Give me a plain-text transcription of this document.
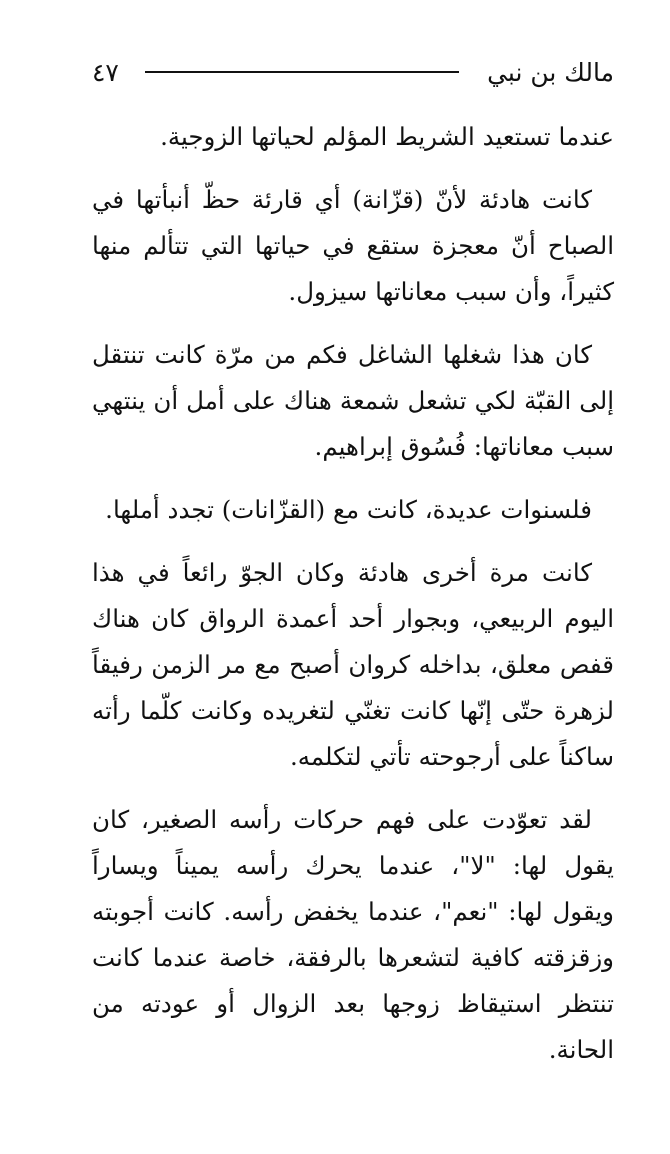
مالك بن نبي
٤٧

عندما تستعيد الشريط المؤلم لحياتها الزوجية.

كانت هادئة لأنّ (قزّانة) أي قارئة حظّ أنبأتها في الصباح أنّ معجزة ستقع في حياتها التي تتألم منها كثيراً، وأن سبب معاناتها سيزول.

كان هذا شغلها الشاغل فكم من مرّة كانت تنتقل إلى القبّة لكي تشعل شمعة هناك على أمل أن ينتهي سبب معاناتها: فُسُوق إبراهيم.

فلسنوات عديدة، كانت مع (القزّانات) تجدد أملها.

كانت مرة أخرى هادئة وكان الجوّ رائعاً في هذا اليوم الربيعي، وبجوار أحد أعمدة الرواق كان هناك قفص معلق، بداخله كروان أصبح مع مر الزمن رفيقاً لزهرة حتّى إنّها كانت تغنّي لتغريده وكانت كلّما رأته ساكناً على أرجوحته تأتي لتكلمه.

لقد تعوّدت على فهم حركات رأسه الصغير، كان يقول لها: "لا"، عندما يحرك رأسه يميناً ويساراً ويقول لها: "نعم"، عندما يخفض رأسه. كانت أجوبته وزقزقته كافية لتشعرها بالرفقة، خاصة عندما كانت تنتظر استيقاظ زوجها بعد الزوال أو عودته من الحانة.
